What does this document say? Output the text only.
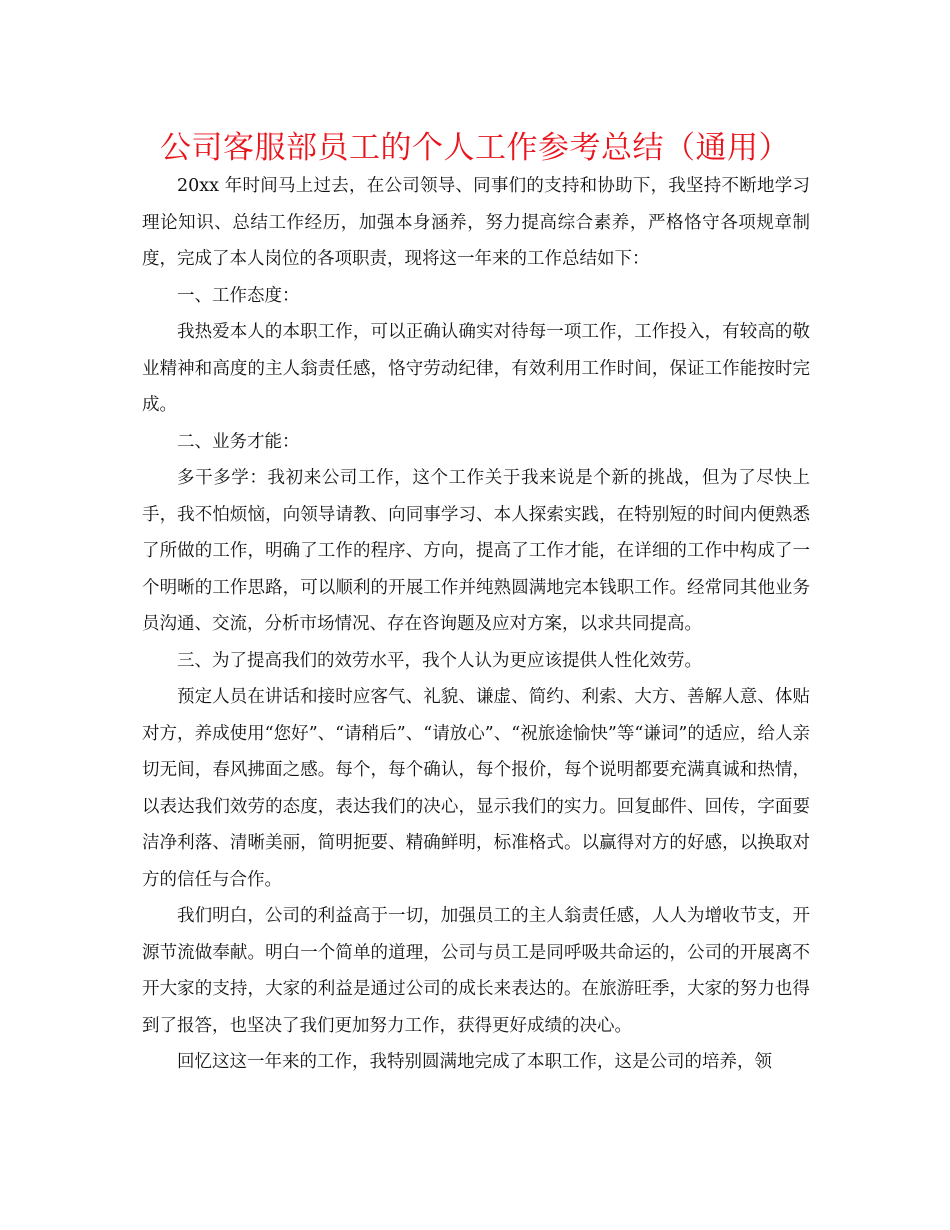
公司客服部员工的个人工作参考总结（通用）

20xx 年时间马上过去，在公司领导、同事们的支持和协助下，我坚持不断地学习理论知识、总结工作经历，加强本身涵养，努力提高综合素养，严格恪守各项规章制度，完成了本人岗位的各项职责，现将这一年来的工作总结如下：

一、工作态度：

我热爱本人的本职工作，可以正确认确实对待每一项工作，工作投入，有较高的敬业精神和高度的主人翁责任感，恪守劳动纪律，有效利用工作时间，保证工作能按时完成。

二、业务才能：

多干多学：我初来公司工作，这个工作关于我来说是个新的挑战，但为了尽快上手，我不怕烦恼，向领导请教、向同事学习、本人探索实践，在特别短的时间内便熟悉了所做的工作，明确了工作的程序、方向，提高了工作才能，在详细的工作中构成了一个明晰的工作思路，可以顺利的开展工作并纯熟圆满地完本钱职工作。经常同其他业务员沟通、交流，分析市场情况、存在咨询题及应对方案，以求共同提高。

三、为了提高我们的效劳水平，我个人认为更应该提供人性化效劳。

预定人员在讲话和接时应客气、礼貌、谦虚、简约、利索、大方、善解人意、体贴对方，养成使用“您好”、“请稍后”、“请放心”、“祝旅途愉快”等“谦词”的适应，给人亲切无间，春风拂面之感。每个，每个确认，每个报价，每个说明都要充满真诚和热情，以表达我们效劳的态度，表达我们的决心，显示我们的实力。回复邮件、回传，字面要洁净利落、清晰美丽，简明扼要、精确鲜明，标准格式。以赢得对方的好感，以换取对方的信任与合作。

我们明白，公司的利益高于一切，加强员工的主人翁责任感，人人为增收节支，开源节流做奉献。明白一个简单的道理，公司与员工是同呼吸共命运的，公司的开展离不开大家的支持，大家的利益是通过公司的成长来表达的。在旅游旺季，大家的努力也得到了报答，也坚决了我们更加努力工作，获得更好成绩的决心。

回忆这这一年来的工作，我特别圆满地完成了本职工作，这是公司的培养，领
